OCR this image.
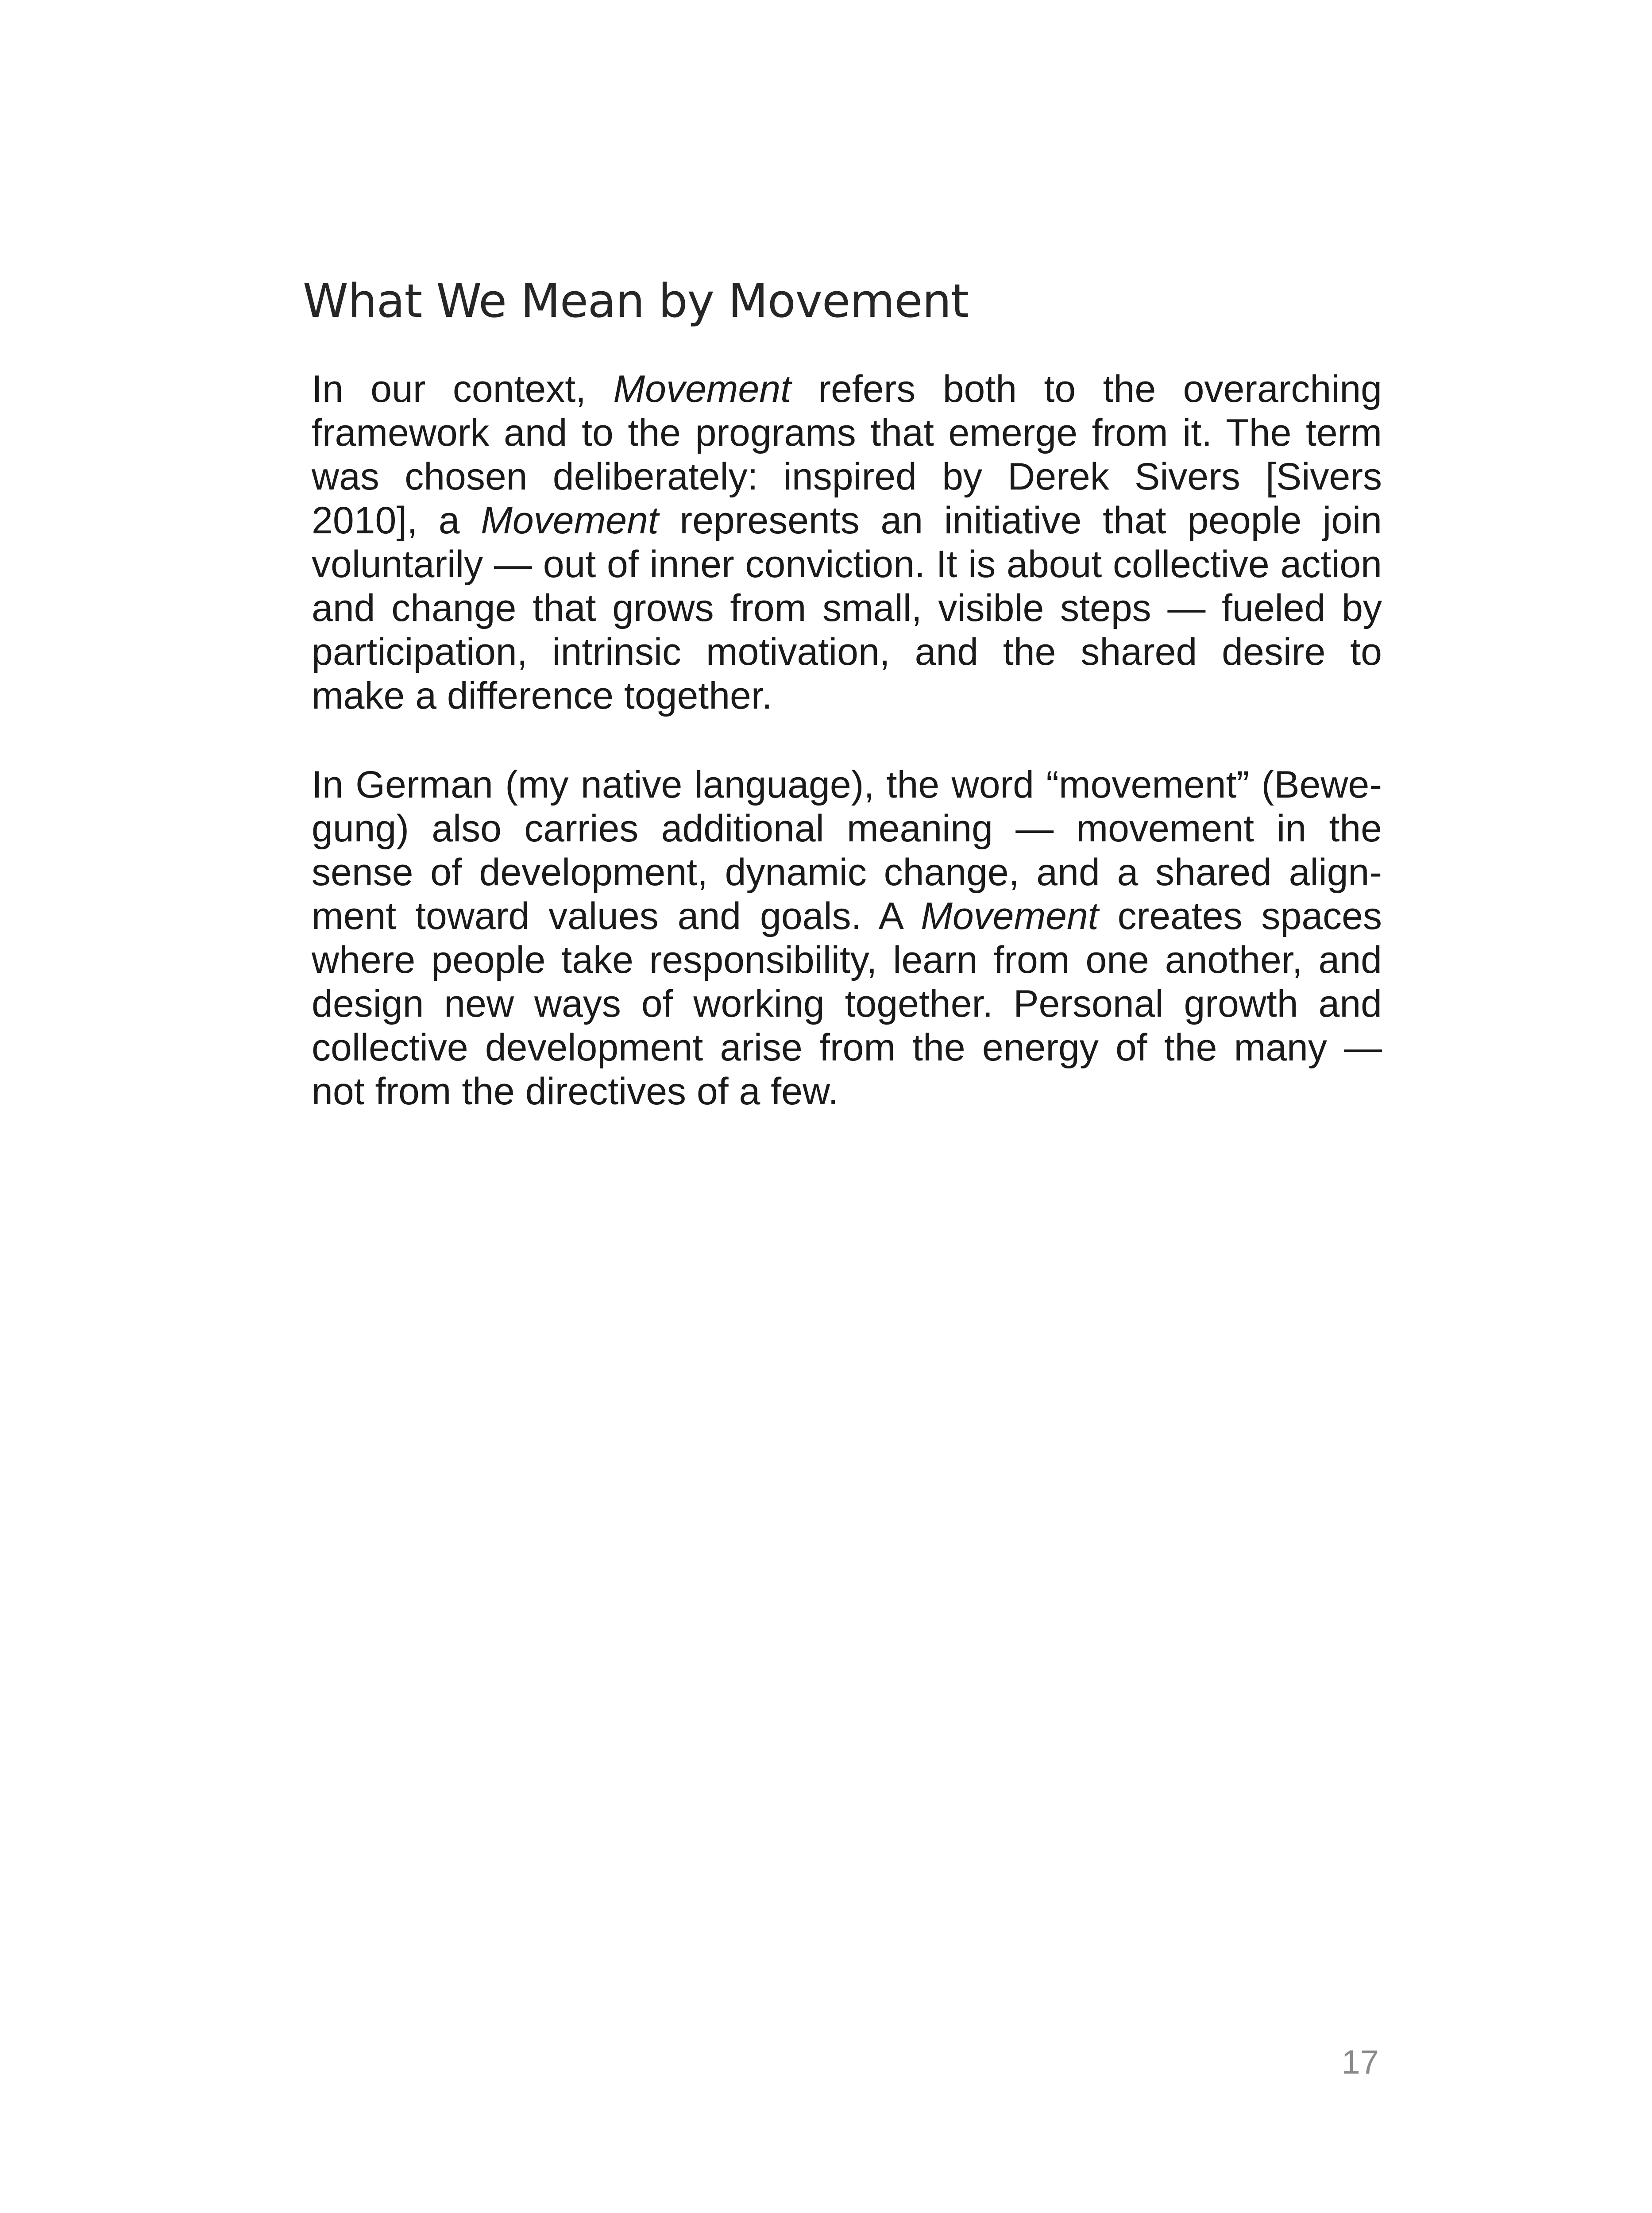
What We Mean by Movement

In our context, Movement refers both to the overarching framework and to the programs that emerge from it. The term was chosen deliberately: inspired by Derek Sivers [Sivers 2010], a Movement represents an initiative that people join voluntarily — out of inner conviction. It is about collective action and change that grows from small, visible steps — fueled by participation, intrinsic motivation, and the shared desire to make a difference together.

In German (my native language), the word “movement” (Bewegung) also carries additional meaning — movement in the sense of development, dynamic change, and a shared alignment toward values and goals. A Movement creates spaces where people take responsibility, learn from one another, and design new ways of working together. Personal growth and collective development arise from the energy of the many — not from the directives of a few.

17
